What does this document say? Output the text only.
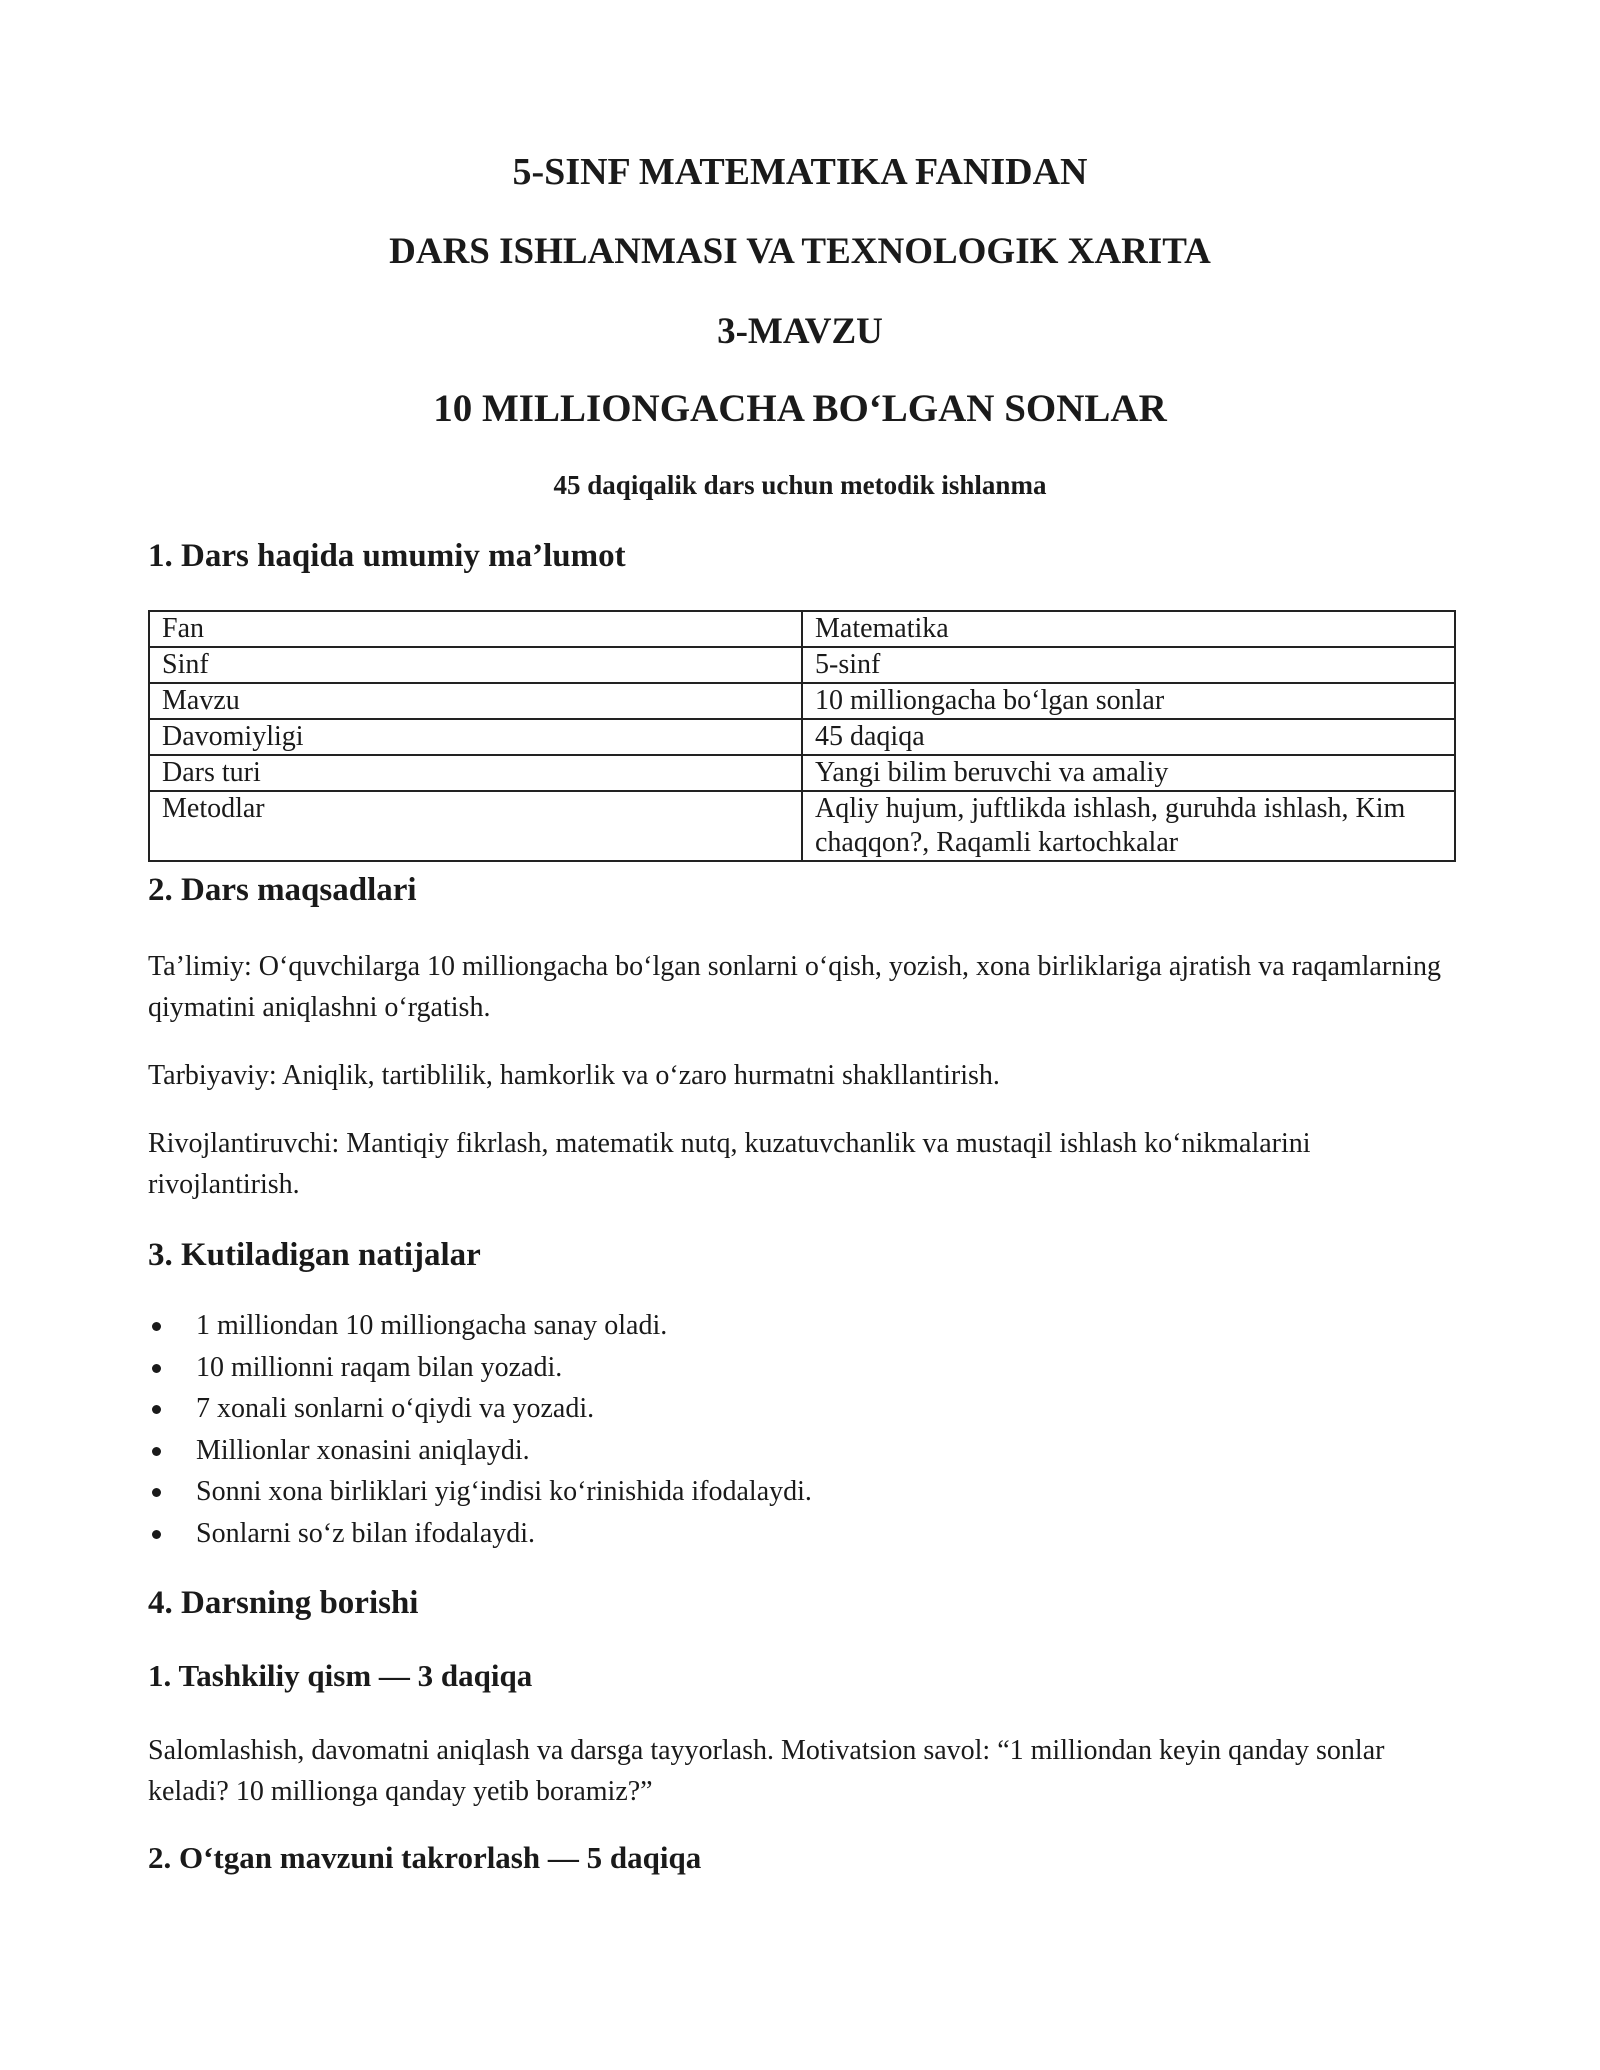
5-SINF MATEMATIKA FANIDAN
DARS ISHLANMASI VA TEXNOLOGIK XARITA
3-MAVZU
10 MILLIONGACHA BO‘LGAN SONLAR

45 daqiqalik dars uchun metodik ishlanma

1. Dars haqida umumiy ma’lumot
Fan	Matematika
Sinf	5-sinf
Mavzu	10 milliongacha bo‘lgan sonlar
Davomiyligi	45 daqiqa
Dars turi	Yangi bilim beruvchi va amaliy
Metodlar	Aqliy hujum, juftlikda ishlash, guruhda ishlash, Kim chaqqon?, Raqamli kartochkalar
2. Dars maqsadlari

Ta’limiy: O‘quvchilarga 10 milliongacha bo‘lgan sonlarni o‘qish, yozish, xona birliklariga ajratish va raqamlarning qiymatini aniqlashni o‘rgatish.

Tarbiyaviy: Aniqlik, tartiblilik, hamkorlik va o‘zaro hurmatni shakllantirish.

Rivojlantiruvchi: Mantiqiy fikrlash, matematik nutq, kuzatuvchanlik va mustaqil ishlash ko‘nikmalarini rivojlantirish.

3. Kutiladigan natijalar
1 milliondan 10 milliongacha sanay oladi.
10 millionni raqam bilan yozadi.
7 xonali sonlarni o‘qiydi va yozadi.
Millionlar xonasini aniqlaydi.
Sonni xona birliklari yig‘indisi ko‘rinishida ifodalaydi.
Sonlarni so‘z bilan ifodalaydi.
4. Darsning borishi
1. Tashkiliy qism — 3 daqiqa

Salomlashish, davomatni aniqlash va darsga tayyorlash. Motivatsion savol: “1 milliondan keyin qanday sonlar keladi? 10 millionga qanday yetib boramiz?”

2. O‘tgan mavzuni takrorlash — 5 daqiqa
